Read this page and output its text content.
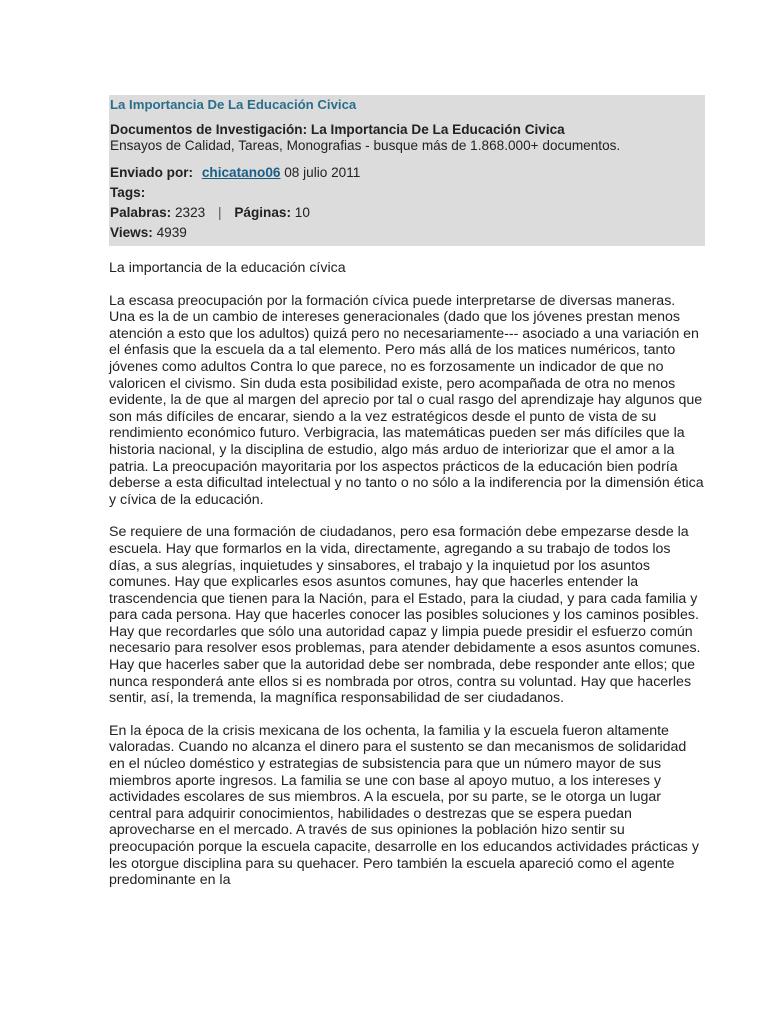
La Importancia De La Educación Civica
Documentos de Investigación: La Importancia De La Educación Civica
Ensayos de Calidad, Tareas, Monografias - busque más de 1.868.000+ documentos.
Enviado por: chicatano06 08 julio 2011
Tags:
Palabras: 2323 | Páginas: 10
Views: 4939

La importancia de la educación cívica

La escasa preocupación por la formación cívica puede interpretarse de diversas maneras. Una es la de un cambio de intereses generacionales (dado que los jóvenes prestan menos atención a esto que los adultos) quizá pero no necesariamente--- asociado a una variación en el énfasis que la escuela da a tal elemento. Pero más allá de los matices numéricos, tanto jóvenes como adultos Contra lo que parece, no es forzosamente un indicador de que no valoricen el civismo. Sin duda esta posibilidad existe, pero acompañada de otra no menos evidente, la de que al margen del aprecio por tal o cual rasgo del aprendizaje hay algunos que son más difíciles de encarar, siendo a la vez estratégicos desde el punto de vista de su rendimiento económico futuro. Verbigracia, las matemáticas pueden ser más difíciles que la historia nacional, y la disciplina de estudio, algo más arduo de interiorizar que el amor a la patria. La preocupación mayoritaria por los aspectos prácticos de la educación bien podría deberse a esta dificultad intelectual y no tanto o no sólo a la indiferencia por la dimensión ética y cívica de la educación.

Se requiere de una formación de ciudadanos, pero esa formación debe empezarse desde la escuela. Hay que formarlos en la vida, directamente, agregando a su trabajo de todos los días, a sus alegrías, inquietudes y sinsabores, el trabajo y la inquietud por los asuntos comunes. Hay que explicarles esos asuntos comunes, hay que hacerles entender la trascendencia que tienen para la Nación, para el Estado, para la ciudad, y para cada familia y para cada persona. Hay que hacerles conocer las posibles soluciones y los caminos posibles. Hay que recordarles que sólo una autoridad capaz y limpia puede presidir el esfuerzo común necesario para resolver esos problemas, para atender debidamente a esos asuntos comunes. Hay que hacerles saber que la autoridad debe ser nombrada, debe responder ante ellos; que nunca responderá ante ellos si es nombrada por otros, contra su voluntad. Hay que hacerles sentir, así, la tremenda, la magnífica responsabilidad de ser ciudadanos.

En la época de la crisis mexicana de los ochenta, la familia y la escuela fueron altamente valoradas. Cuando no alcanza el dinero para el sustento se dan mecanismos de solidaridad en el núcleo doméstico y estrategias de subsistencia para que un número mayor de sus miembros aporte ingresos. La familia se une con base al apoyo mutuo, a los intereses y actividades escolares de sus miembros. A la escuela, por su parte, se le otorga un lugar central para adquirir conocimientos, habilidades o destrezas que se espera puedan aprovecharse en el mercado. A través de sus opiniones la población hizo sentir su preocupación porque la escuela capacite, desarrolle en los educandos actividades prácticas y les otorgue disciplina para su quehacer. Pero también la escuela apareció como el agente predominante en la
